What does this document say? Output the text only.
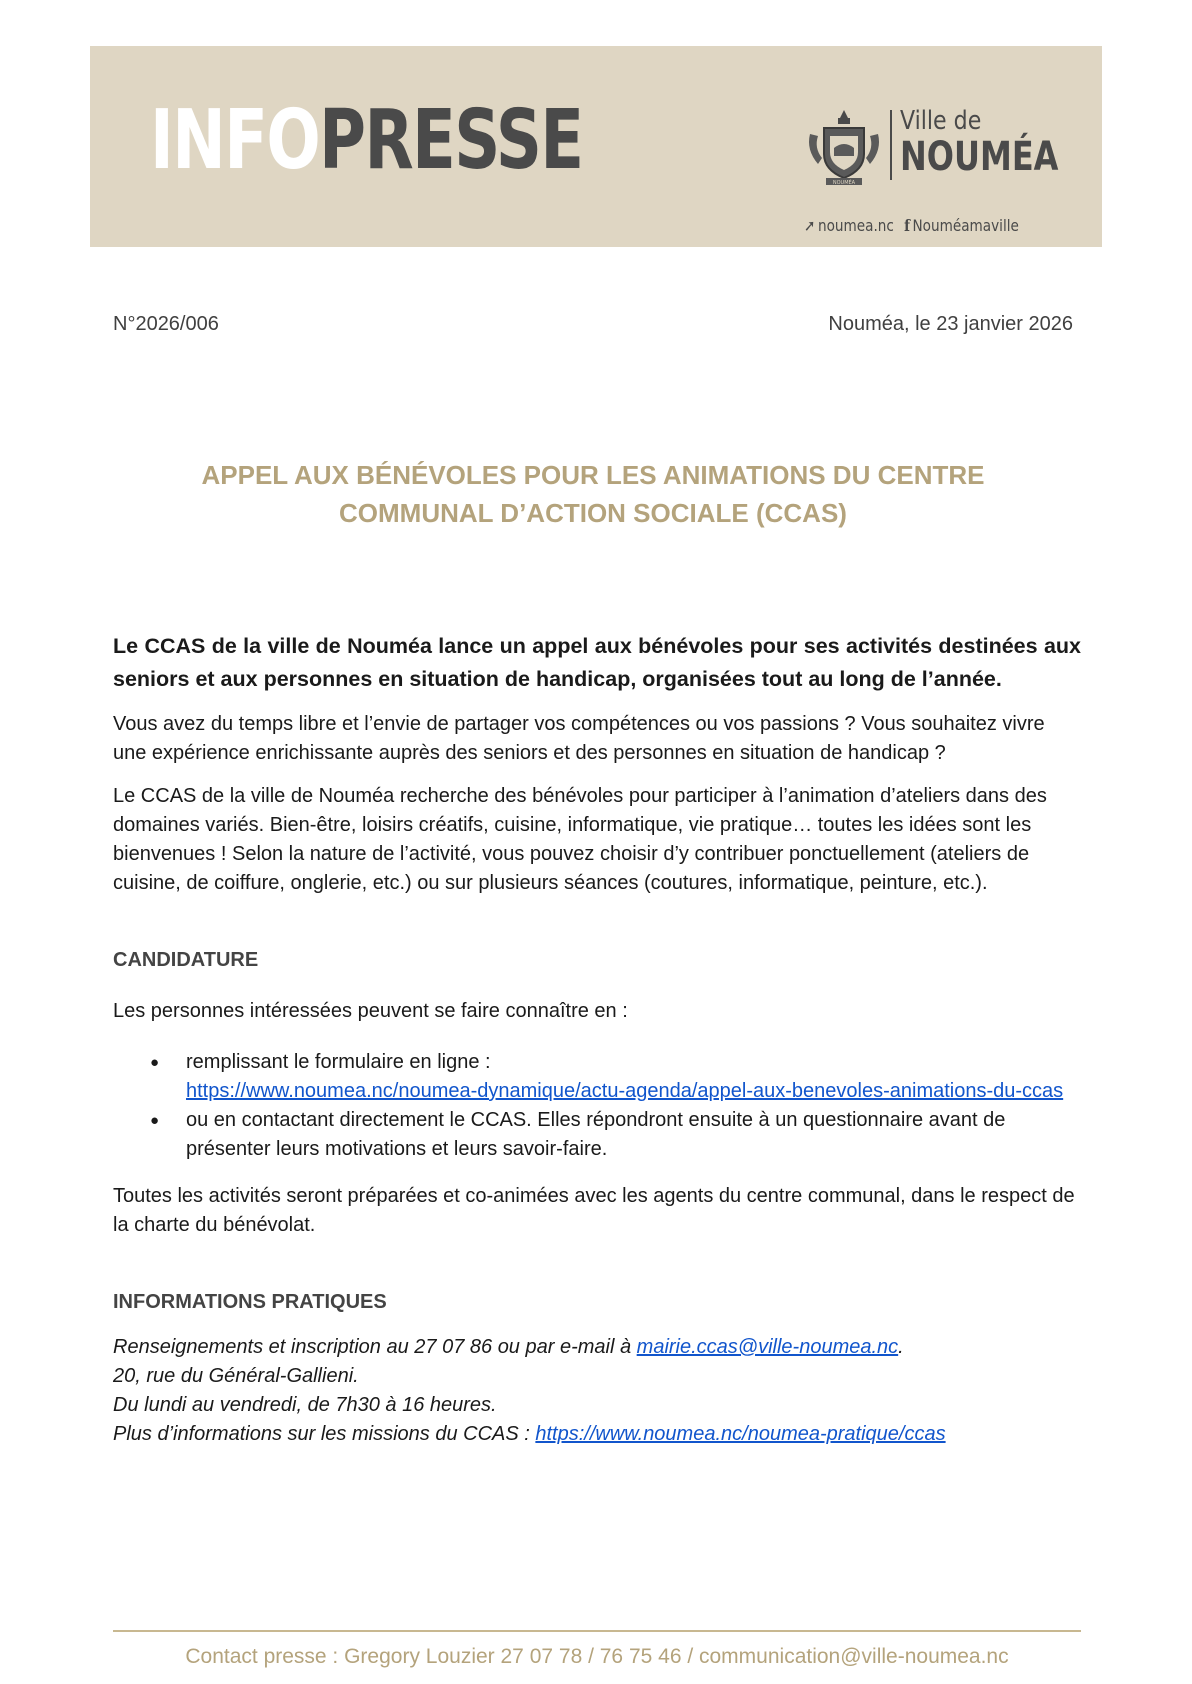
INFOPRESSE	NOUMÉA
Ville de
NOUMÉA
➚ noumea.nc f Nouméamaville
N°2026/006	Nouméa, le 23 janvier 2026
APPEL AUX BÉNÉVOLES POUR LES ANIMATIONS DU CENTRE
COMMUNAL D’ACTION SOCIALE (CCAS)

Le CCAS de la ville de Nouméa lance un appel aux bénévoles pour ses activités destinées aux seniors et aux personnes en situation de handicap, organisées tout au long de l’année.

Vous avez du temps libre et l’envie de partager vos compétences ou vos passions ? Vous souhaitez vivre une expérience enrichissante auprès des seniors et des personnes en situation de handicap ?

Le CCAS de la ville de Nouméa recherche des bénévoles pour participer à l’animation d’ateliers dans des domaines variés. Bien-être, loisirs créatifs, cuisine, informatique, vie pratique… toutes les idées sont les bienvenues ! Selon la nature de l’activité, vous pouvez choisir d’y contribuer ponctuellement (ateliers de cuisine, de coiffure, onglerie, etc.) ou sur plusieurs séances (coutures, informatique, peinture, etc.).

CANDIDATURE

Les personnes intéressées peuvent se faire connaître en :

● remplissant le formulaire en ligne :
https://www.noumea.nc/noumea-dynamique/actu-agenda/appel-aux-benevoles-animations-du-ccas
● ou en contactant directement le CCAS. Elles répondront ensuite à un questionnaire avant de présenter leurs motivations et leurs savoir-faire.

Toutes les activités seront préparées et co-animées avec les agents du centre communal, dans le respect de la charte du bénévolat.

INFORMATIONS PRATIQUES

Renseignements et inscription au 27 07 86 ou par e-mail à mairie.ccas@ville-noumea.nc.
20, rue du Général-Gallieni.
Du lundi au vendredi, de 7h30 à 16 heures.
Plus d’informations sur les missions du CCAS : https://www.noumea.nc/noumea-pratique/ccas
Contact presse : Gregory Louzier 27 07 78 / 76 75 46 / communication@ville-noumea.nc
